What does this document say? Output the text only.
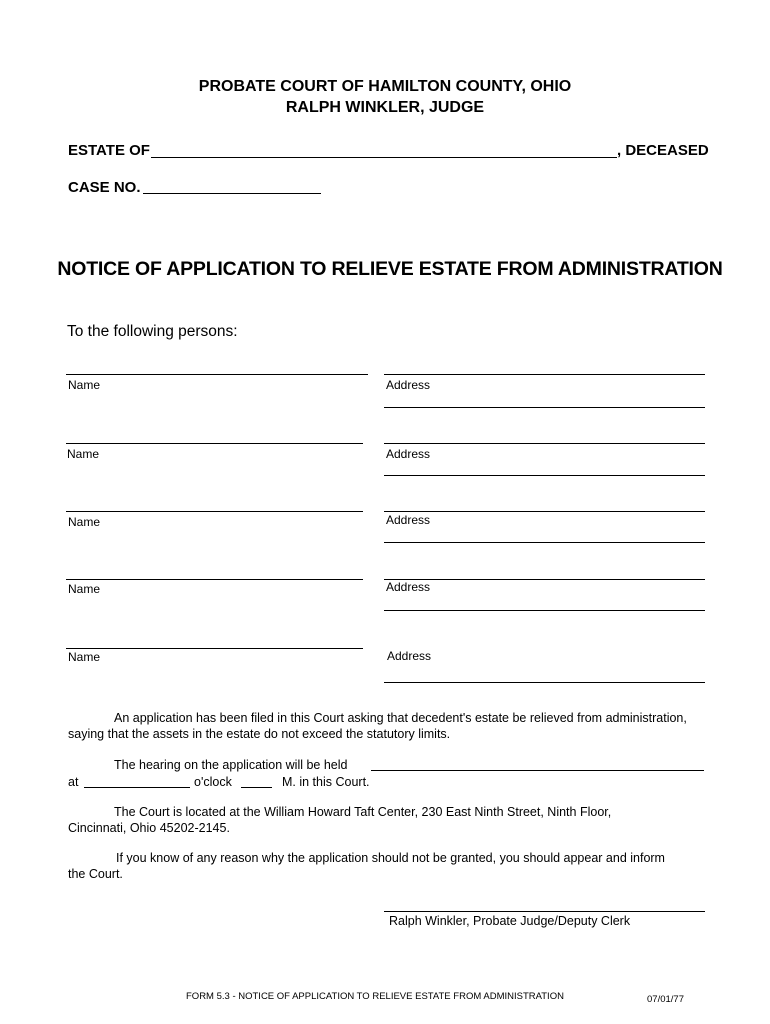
PROBATE COURT OF HAMILTON COUNTY, OHIO
RALPH WINKLER, JUDGE
ESTATE OF	, DECEASED
CASE NO.
NOTICE OF APPLICATION TO RELIEVE ESTATE FROM ADMINISTRATION
To the following persons:
Name	Address
Name	Address
Name	Address
Name	Address
Name	Address
An application has been filed in this Court asking that decedent's estate be relieved from administration,
saying that the assets in the estate do not exceed the statutory limits.
The hearing on the application will be held
at	o'clock	M. in this Court.
The Court is located at the William Howard Taft Center, 230 East Ninth Street, Ninth Floor,
Cincinnati, Ohio 45202-2145.
If you know of any reason why the application should not be granted, you should appear and inform
the Court.
Ralph Winkler, Probate Judge/Deputy Clerk
FORM 5.3 - NOTICE OF APPLICATION TO RELIEVE ESTATE FROM ADMINISTRATION	07/01/77
